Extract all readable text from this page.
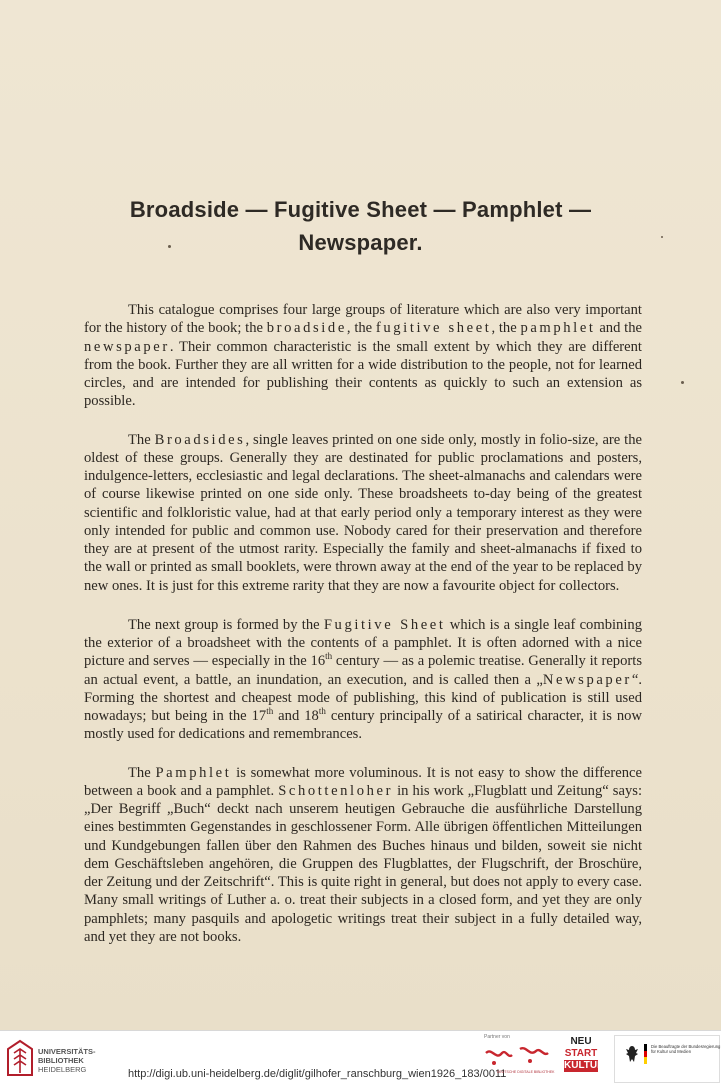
Broadside — Fugitive Sheet — Pamphlet —
Newspaper.

This catalogue comprises four large groups of literature which are also very important for the history of the book; the broadside, the fugitive sheet, the pamphlet and the newspaper. Their common characteristic is the small extent by which they are different from the book. Further they are all written for a wide distribution to the people, not for learned circles, and are intended for publishing their contents as quickly to such an extension as possible.

The Broadsides, single leaves printed on one side only, mostly in folio-size, are the oldest of these groups. Generally they are destinated for public proclamations and posters, indulgence-letters, ecclesiastic and legal declarations. The sheet-almanachs and calendars were of course likewise printed on one side only. These broadsheets to-day being of the greatest scientific and folkloristic value, had at that early period only a temporary interest as they were only intended for public and common use. Nobody cared for their preservation and therefore they are at present of the utmost rarity. Especially the family and sheet-almanachs if fixed to the wall or printed as small booklets, were thrown away at the end of the year to be replaced by new ones. It is just for this extreme rarity that they are now a favourite object for collectors.

The next group is formed by the Fugitive Sheet which is a single leaf combining the exterior of a broadsheet with the contents of a pamphlet. It is often adorned with a nice picture and serves — especially in the 16th century — as a polemic treatise. Generally it reports an actual event, a battle, an inundation, an execution, and is called then a „Newspaper“. Forming the shortest and cheapest mode of publishing, this kind of publication is still used nowadays; but being in the 17th and 18th century principally of a satirical character, it is now mostly used for dedications and remembrances.

The Pamphlet is somewhat more voluminous. It is not easy to show the difference between a book and a pamphlet. Schottenloher in his work „Flugblatt und Zeitung“ says: „Der Begriff „Buch“ deckt nach unserem heutigen Gebrauche die ausführliche Darstellung eines bestimmten Gegenstandes in geschlossener Form. Alle übrigen öffentlichen Mitteilungen und Kundgebungen fallen über den Rahmen des Buches hinaus und bilden, soweit sie nicht dem Geschäftsleben angehören, die Gruppen des Flugblattes, der Flugschrift, der Broschüre, der Zeitung und der Zeitschrift“. This is quite right in general, but does not apply to every case. Many small writings of Luther a. o. treat their subjects in a closed form, and yet they are only pamphlets; many pasquils and apologetic writings treat their subject in a fully detailed way, and yet they are not books.

UNIVERSITÄTS-
BIBLIOTHEK
HEIDELBERG	http://digi.ub.uni-heidelberg.de/diglit/gilhofer_ranschburg_wien1926_183/0011
Partner von
DEUTSCHE DIGITALE BIBLIOTHEK
NEU
START
KULTUR
Die Beauftragte der Bundesregierung
für Kultur und Medien
